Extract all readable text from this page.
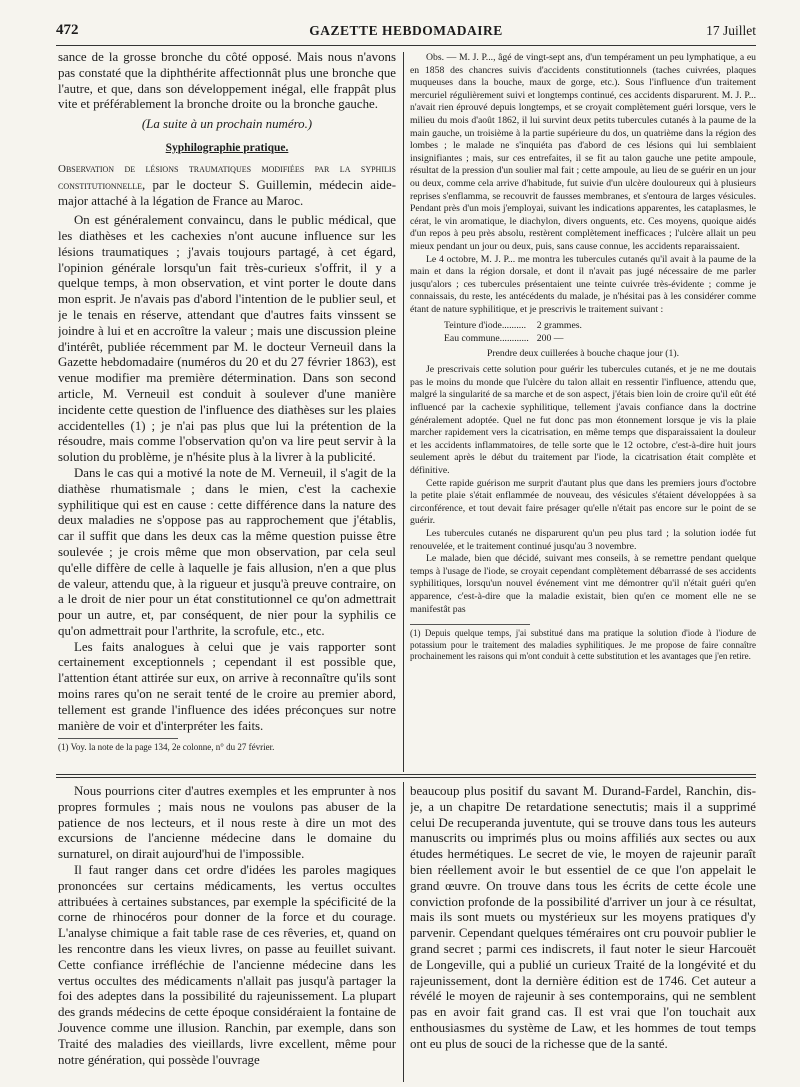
472	GAZETTE HEBDOMADAIRE	17 Juillet

sance de la grosse bronche du côté opposé. Mais nous n'avons pas constaté que la diphthérite affectionnât plus une bronche que l'autre, et que, dans son développement inégal, elle frappât plus vite et préférablement la bronche droite ou la bronche gauche.

(La suite à un prochain numéro.)

Syphilographie pratique.

Observation de lésions traumatiques modifiées par la syphilis constitutionnelle, par le docteur S. Guillemin, médecin aide-major attaché à la légation de France au Maroc.

On est généralement convaincu, dans le public médical, que les diathèses et les cachexies n'ont aucune influence sur les lésions traumatiques ; j'avais toujours partagé, à cet égard, l'opinion générale lorsqu'un fait très-curieux s'offrit, il y a quelque temps, à mon observation, et vint porter le doute dans mon esprit. Je n'avais pas d'abord l'intention de le publier seul, et je le tenais en réserve, attendant que d'autres faits vinssent se joindre à lui et en accroître la valeur ; mais une discussion pleine d'intérêt, publiée récemment par M. le docteur Verneuil dans la Gazette hebdomadaire (numéros du 20 et du 27 février 1863), est venue modifier ma première détermination. Dans son second article, M. Verneuil est conduit à soulever d'une manière incidente cette question de l'influence des diathèses sur les plaies accidentelles (1) ; je n'ai pas plus que lui la prétention de la résoudre, mais comme l'observation qu'on va lire peut servir à la solution du problème, je n'hésite plus à la livrer à la publicité.

Dans le cas qui a motivé la note de M. Verneuil, il s'agit de la diathèse rhumatismale ; dans le mien, c'est la cachexie syphilitique qui est en cause : cette différence dans la nature des deux maladies ne s'oppose pas au rapprochement que j'établis, car il suffit que dans les deux cas la même question puisse être soulevée ; je crois même que mon observation, par cela seul qu'elle diffère de celle à laquelle je fais allusion, n'en a que plus de valeur, attendu que, à la rigueur et jusqu'à preuve contraire, on a le droit de nier pour un état constitutionnel ce qu'on admettrait pour un autre, et, par conséquent, de nier pour la syphilis ce qu'on admettrait pour l'arthrite, la scrofule, etc., etc.

Les faits analogues à celui que je vais rapporter sont certainement exceptionnels ; cependant il est possible que, l'attention étant attirée sur eux, on arrive à reconnaître qu'ils sont moins rares qu'on ne serait tenté de le croire au premier abord, tellement est grande l'influence des idées préconçues sur notre manière de voir et d'interpréter les faits.

(1) Voy. la note de la page 134, 2e colonne, n° du 27 février.

Obs. — M. J. P..., âgé de vingt-sept ans, d'un tempérament un peu lymphatique, a eu en 1858 des chancres suivis d'accidents constitutionnels (taches cuivrées, plaques muqueuses dans la bouche, maux de gorge, etc.). Sous l'influence d'un traitement mercuriel régulièrement suivi et longtemps continué, ces accidents disparurent. M. J. P... n'avait rien éprouvé depuis longtemps, et se croyait complètement guéri lorsque, vers le milieu du mois d'août 1862, il lui survint deux petits tubercules cutanés à la paume de la main gauche, un troisième à la partie supérieure du dos, un quatrième dans la région des lombes ; le malade ne s'inquiéta pas d'abord de ces lésions qui lui semblaient insignifiantes ; mais, sur ces entrefaites, il se fit au talon gauche une petite ampoule, résultat de la pression d'un soulier mal fait ; cette ampoule, au lieu de se guérir en un jour ou deux, comme cela arrive d'habitude, fut suivie d'un ulcère douloureux qui à plusieurs reprises s'enflamma, se recouvrit de fausses membranes, et s'entoura de larges vésicules. Pendant près d'un mois j'employai, suivant les indications apparentes, les cataplasmes, le cérat, le vin aromatique, le diachylon, divers onguents, etc. Ces moyens, quoique aidés d'un repos à peu près absolu, restèrent complètement inefficaces ; l'ulcère allait un peu mieux pendant un jour ou deux, puis, sans cause connue, les accidents reparaissaient.

Le 4 octobre, M. J. P... me montra les tubercules cutanés qu'il avait à la paume de la main et dans la région dorsale, et dont il n'avait pas jugé nécessaire de me parler jusqu'alors ; ces tubercules présentaient une teinte cuivrée très-évidente ; comme je connaissais, du reste, les antécédents du malade, je n'hésitai pas à les considérer comme étant de nature syphilitique, et je prescrivis le traitement suivant :

Teinture d'iode..........	2 grammes.
Eau commune............	200 —

Prendre deux cuillerées à bouche chaque jour (1).

Je prescrivais cette solution pour guérir les tubercules cutanés, et je ne me doutais pas le moins du monde que l'ulcère du talon allait en ressentir l'influence, attendu que, malgré la singularité de sa marche et de son aspect, j'étais bien loin de croire qu'il eût été influencé par la cachexie syphilitique, tellement j'avais confiance dans la doctrine généralement adoptée. Quel ne fut donc pas mon étonnement lorsque je vis la plaie marcher rapidement vers la cicatrisation, en même temps que disparaissaient la douleur et les accidents inflammatoires, de telle sorte que le 12 octobre, c'est-à-dire huit jours seulement après le début du traitement par l'iode, la cicatrisation était complète et définitive.

Cette rapide guérison me surprit d'autant plus que dans les premiers jours d'octobre la petite plaie s'était enflammée de nouveau, des vésicules s'étaient développées à sa circonférence, et tout devait faire présager qu'elle n'était pas encore sur le point de se guérir.

Les tubercules cutanés ne disparurent qu'un peu plus tard ; la solution iodée fut renouvelée, et le traitement continué jusqu'au 3 novembre.

Le malade, bien que décidé, suivant mes conseils, à se remettre pendant quelque temps à l'usage de l'iode, se croyait cependant complètement débarrassé de ses accidents syphilitiques, lorsqu'un nouvel événement vint me démontrer qu'il n'était guéri qu'en apparence, c'est-à-dire que la maladie existait, bien qu'en ce moment elle ne se manifestât pas

(1) Depuis quelque temps, j'ai substitué dans ma pratique la solution d'iode à l'iodure de potassium pour le traitement des maladies syphilitiques. Je me propose de faire connaître prochainement les raisons qui m'ont conduit à cette substitution et les avantages que j'en retire.

Nous pourrions citer d'autres exemples et les emprunter à nos propres formules ; mais nous ne voulons pas abuser de la patience de nos lecteurs, et il nous reste à dire un mot des excursions de l'ancienne médecine dans le domaine du surnaturel, on dirait aujourd'hui de l'impossible.

Il faut ranger dans cet ordre d'idées les paroles magiques prononcées sur certains médicaments, les vertus occultes attribuées à certaines substances, par exemple la spécificité de la corne de rhinocéros pour donner de la force et du courage. L'analyse chimique a fait table rase de ces rêveries, et, quand on les rencontre dans les vieux livres, on passe au feuillet suivant. Cette confiance irréfléchie de l'ancienne médecine dans les vertus occultes des médicaments n'allait pas jusqu'à partager la foi des adeptes dans la possibilité du rajeunissement. La plupart des grands médecins de cette époque considéraient la fontaine de Jouvence comme une illusion. Ranchin, par exemple, dans son Traité des maladies des vieillards, livre excellent, même pour notre génération, qui possède l'ouvrage

beaucoup plus positif du savant M. Durand-Fardel, Ranchin, dis-je, a un chapitre De retardatione senectutis; mais il a supprimé celui De recuperanda juventute, qui se trouve dans tous les auteurs manuscrits ou imprimés plus ou moins affiliés aux sectes ou aux études hermétiques. Le secret de vie, le moyen de rajeunir paraît bien réellement avoir le but essentiel de ce que l'on appelait le grand œuvre. On trouve dans tous les écrits de cette école une conviction profonde de la possibilité d'arriver un jour à ce résultat, mais ils sont muets ou mystérieux sur les moyens pratiques d'y parvenir. Cependant quelques téméraires ont cru pouvoir publier le grand secret ; parmi ces indiscrets, il faut noter le sieur Harcouët de Longeville, qui a publié un curieux Traité de la longévité et du rajeunissement, dont la dernière édition est de 1746. Cet auteur a révélé le moyen de rajeunir à ses contemporains, qui ne semblent pas en avoir fait grand cas. Il est vrai que l'on touchait aux enthousiasmes du système de Law, et les hommes de tout temps ont eu plus de souci de la richesse que de la santé.
